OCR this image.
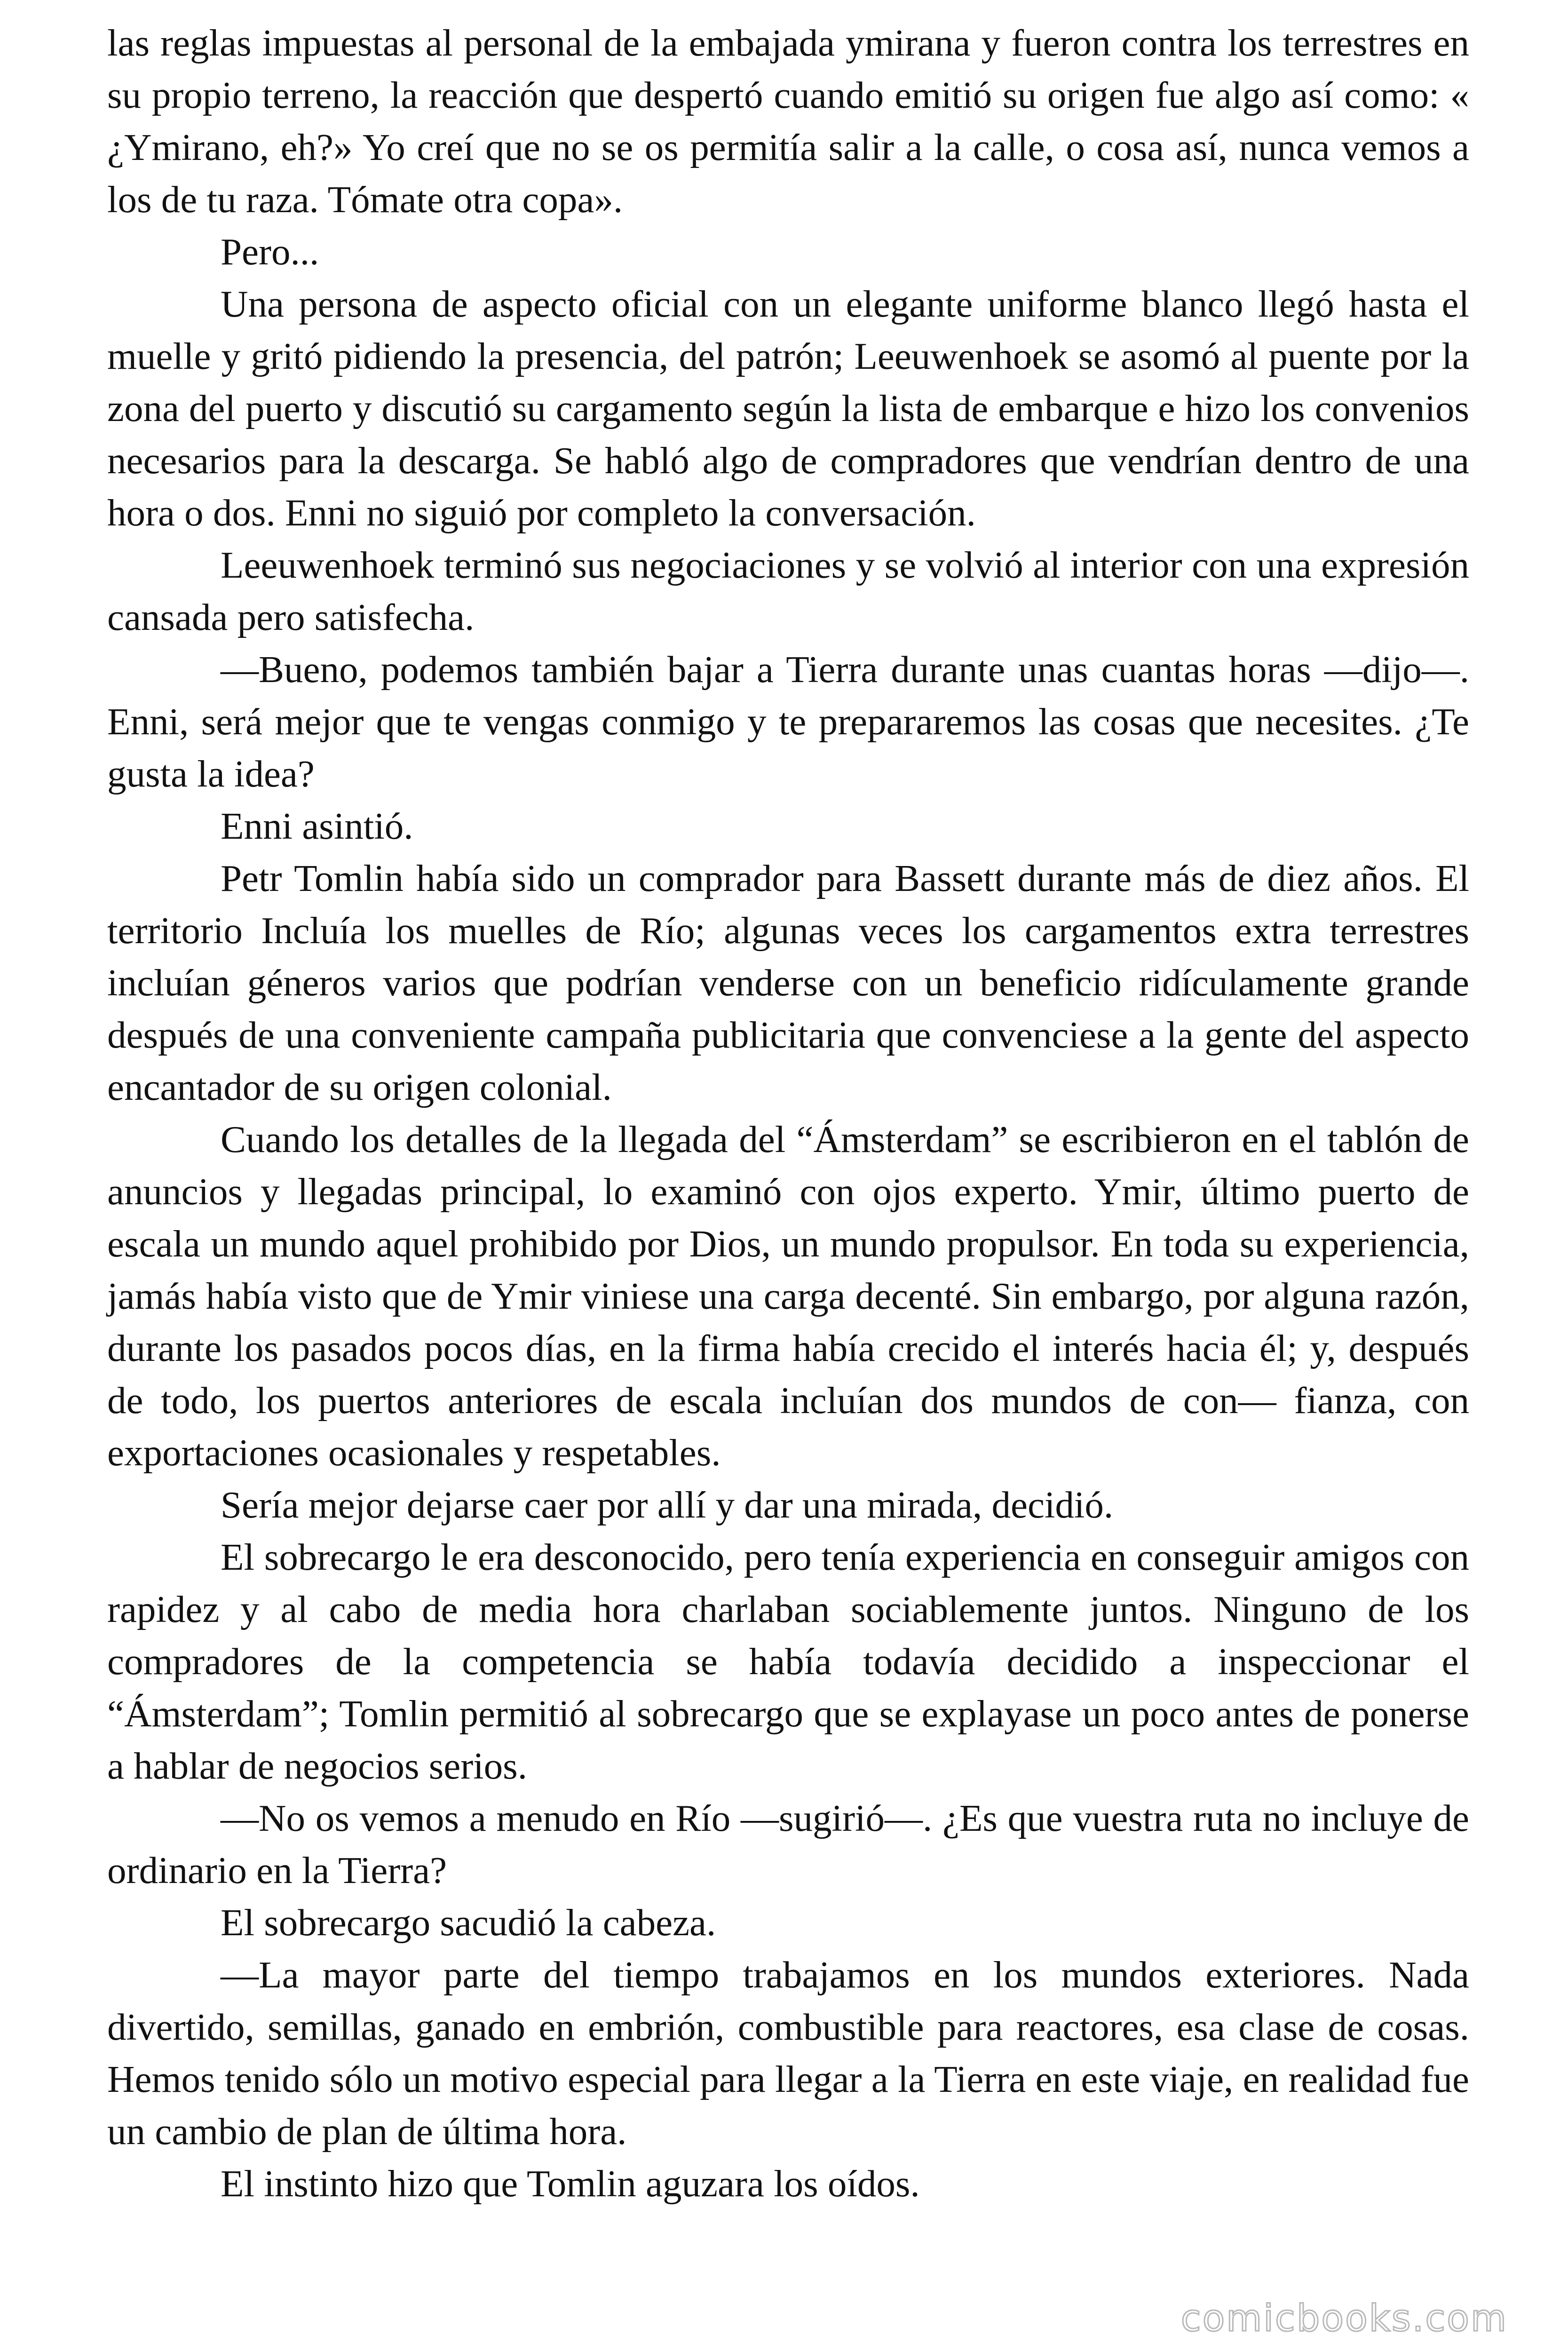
las reglas impuestas al personal de la embajada ymirana y fueron contra los terrestres en su propio terreno, la reacción que despertó cuando emitió su origen fue algo así como: « ¿Ymirano, eh?» Yo creí que no se os permitía salir a la calle, o cosa así, nunca vemos a los de tu raza. Tómate otra copa».

Pero...

Una persona de aspecto oficial con un elegante uniforme blanco llegó hasta el muelle y gritó pidiendo la presencia, del patrón; Leeuwenhoek se asomó al puente por la zona del puerto y discutió su cargamento según la lista de embarque e hizo los convenios necesarios para la descarga. Se habló algo de compradores que vendrían dentro de una hora o dos. Enni no siguió por completo la conversación.

Leeuwenhoek terminó sus negociaciones y se volvió al interior con una expresión cansada pero satisfecha.

—Bueno, podemos también bajar a Tierra durante unas cuantas horas —dijo—. Enni, será mejor que te vengas conmigo y te prepararemos las cosas que necesites. ¿Te gusta la idea?

Enni asintió.

Petr Tomlin había sido un comprador para Bassett durante más de diez años. El territorio Incluía los muelles de Río; algunas veces los cargamentos extra terrestres incluían géneros varios que podrían venderse con un beneficio ridículamente grande después de una conveniente campaña publicitaria que convenciese a la gente del aspecto encantador de su origen colonial.

Cuando los detalles de la llegada del “Ámsterdam” se escribieron en el tablón de anuncios y llegadas principal, lo examinó con ojos experto. Ymir, último puerto de escala un mundo aquel prohibido por Dios, un mundo propulsor. En toda su experiencia, jamás había visto que de Ymir viniese una carga decenté. Sin embargo, por alguna razón, durante los pasados pocos días, en la firma había crecido el interés hacia él; y, después de todo, los puertos anteriores de escala incluían dos mundos de con— fianza, con exportaciones ocasionales y respetables.

Sería mejor dejarse caer por allí y dar una mirada, decidió.

El sobrecargo le era desconocido, pero tenía experiencia en conseguir amigos con rapidez y al cabo de media hora charlaban sociablemente juntos. Ninguno de los compradores de la competencia se había todavía decidido a inspeccionar el “Ámsterdam”; Tomlin permitió al sobrecargo que se explayase un poco antes de ponerse a hablar de negocios serios.

—No os vemos a menudo en Río —sugirió—. ¿Es que vuestra ruta no incluye de ordinario en la Tierra?

El sobrecargo sacudió la cabeza.

—La mayor parte del tiempo trabajamos en los mundos exteriores. Nada divertido, semillas, ganado en embrión, combustible para reactores, esa clase de cosas. Hemos tenido sólo un motivo especial para llegar a la Tierra en este viaje, en realidad fue un cambio de plan de última hora.

El instinto hizo que Tomlin aguzara los oídos.

comicbooks.com
